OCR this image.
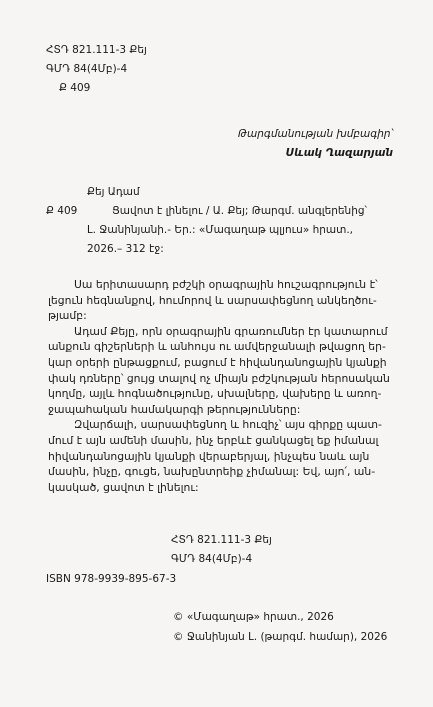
ՀՏԴ 821.111-3 Քեյ
ԳՄԴ 84(4Մբ)-4
Ք 409
Թարգմանության խմբագիր՝
Սևակ Ղազարյան
Քեյ Ադամ
Ք 409	Ցավոտ է լինելու / Ա. Քեյ; Թարգմ. անգլերենից՝
Լ. Ջանինյանի.- Եր.: «Մագաղաթ պլյուս» հրատ.,
2026.– 312 էջ:
Սա երիտասարդ բժշկի օրագրային հուշագրություն է՝
լեցուն հեգնանքով, հումորով և սարսափեցնող անկեղծու-
թյամբ:
Ադամ Քեյը, որն օրագրային գրառումներ էր կատարում
անքուն գիշերների և անհույս ու ամվերջանալի թվացող եր-
կար օրերի ընթացքում, բացում է հիվանդանոցային կյանքի
փակ դռները՝ ցույց տալով ոչ միայն բժշկության հերոսական
կողմը, այլև հոգնածությունը, սխալները, վախերը և առող-
ջապահական համակարգի թերությունները:
Զվարճալի, սարսափեցնող և հուզիչ՝ այս գիրքը պատ-
մում է այն ամենի մասին, ինչ երբևէ ցանկացել եք իմանալ
հիվանդանոցային կյանքի վերաբերյալ, ինչպես նաև այն
մասին, ինչը, գուցե, նախընտրեիք չիմանալ: Եվ, այո՛, ան-
կասկած, ցավոտ է լինելու:
ՀՏԴ 821.111-3 Քեյ
ԳՄԴ 84(4Մբ)-4
ISBN 978-9939-895-67-3
© «Մագաղաթ» հրատ., 2026
© Ջանինյան Լ. (թարգմ. համար), 2026
